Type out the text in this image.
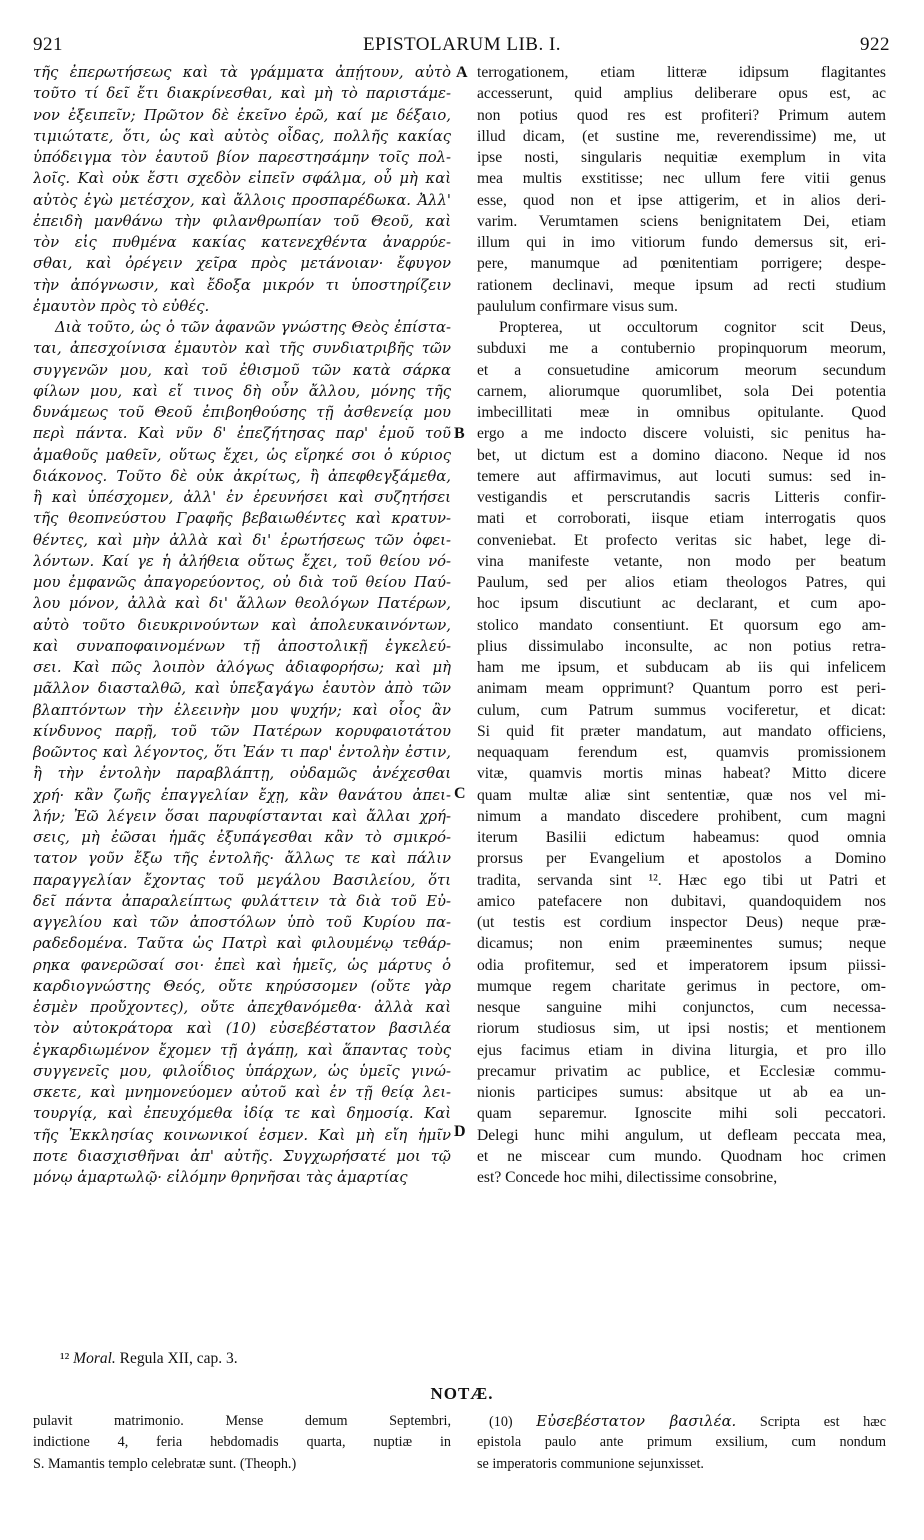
921	EPISTOLARUM LIB. I.	922
τῆς ἐπερωτήσεως καὶ τὰ γράμματα ἀπῄτουν, αὐτὸ
τοῦτο τί δεῖ ἔτι διακρίνεσθαι, καὶ μὴ τὸ παριστάμε-
νον ἐξειπεῖν; Πρῶτον δὲ ἐκεῖνο ἐρῶ, καί με δέξαιο,
τιμιώτατε, ὅτι, ὡς καὶ αὐτὸς οἶδας, πολλῆς κακίας
ὑπόδειγμα τὸν ἑαυτοῦ βίον παρεστησάμην τοῖς πολ-
λοῖς. Καὶ οὐκ ἔστι σχεδὸν εἰπεῖν σφάλμα, οὗ μὴ καὶ
αὐτὸς ἐγὼ μετέσχον, καὶ ἄλλοις προσπαρέδωκα. Ἀλλ'
ἐπειδὴ μανθάνω τὴν φιλανθρωπίαν τοῦ Θεοῦ, καὶ
τὸν εἰς πυθμένα κακίας κατενεχθέντα ἀναρρύε-
σθαι, καὶ ὀρέγειν χεῖρα πρὸς μετάνοιαν· ἔφυγον
τὴν ἀπόγνωσιν, καὶ ἔδοξα μικρόν τι ὑποστηρίζειν
ἐμαυτὸν πρὸς τὸ εὐθές.
Διὰ τοῦτο, ὡς ὁ τῶν ἀφανῶν γνώστης Θεὸς ἐπίστα-
ται, ἀπεσχοίνισα ἐμαυτὸν καὶ τῆς συνδιατριβῆς τῶν
συγγενῶν μου, καὶ τοῦ ἐθισμοῦ τῶν κατὰ σάρκα
φίλων μου, καὶ εἴ τινος δὴ οὖν ἄλλου, μόνης τῆς
δυνάμεως τοῦ Θεοῦ ἐπιβοηθούσης τῇ ἀσθενείᾳ μου
περὶ πάντα. Καὶ νῦν δ' ἐπεζήτησας παρ' ἐμοῦ τοῦ
ἀμαθοῦς μαθεῖν, οὕτως ἔχει, ὡς εἴρηκέ σοι ὁ κύριος
διάκονος. Τοῦτο δὲ οὐκ ἀκρίτως, ἢ ἀπεφθεγξάμεθα,
ἢ καὶ ὑπέσχομεν, ἀλλ' ἐν ἐρευνήσει καὶ συζητήσει
τῆς θεοπνεύστου Γραφῆς βεβαιωθέντες καὶ κρατυν-
θέντες, καὶ μὴν ἀλλὰ καὶ δι' ἐρωτήσεως τῶν ὀφει-
λόντων. Καί γε ἡ ἀλήθεια οὕτως ἔχει, τοῦ θείου νό-
μου ἐμφανῶς ἀπαγορεύοντος, οὐ διὰ τοῦ θείου Παύ-
λου μόνον, ἀλλὰ καὶ δι' ἄλλων θεολόγων Πατέρων,
αὐτὸ τοῦτο διευκρινούντων καὶ ἀπολευκαινόντων,
καὶ συναποφαινομένων τῇ ἀποστολικῇ ἐγκελεύ-
σει. Καὶ πῶς λοιπὸν ἀλόγως ἀδιαφορήσω; καὶ μὴ
μᾶλλον διασταλθῶ, καὶ ὑπεξαγάγω ἑαυτὸν ἀπὸ τῶν
βλαπτόντων τὴν ἐλεεινὴν μου ψυχήν; καὶ οἷος ἂν
κίνδυνος παρῇ, τοῦ τῶν Πατέρων κορυφαιοτάτου
βοῶντος καὶ λέγοντος, ὅτι Ἐάν τι παρ' ἐντολὴν ἐστιν,
ἢ τὴν ἐντολὴν παραβλάπτῃ, οὐδαμῶς ἀνέχεσθαι
χρή· κἂν ζωῆς ἐπαγγελίαν ἔχῃ, κἂν θανάτου ἀπει-
λήν; Ἐῶ λέγειν ὅσαι παρυφίστανται καὶ ἄλλαι χρή-
σεις, μὴ ἐῶσαι ἡμᾶς ἐξυπάγεσθαι κἂν τὸ σμικρό-
τατον γοῦν ἔξω τῆς ἐντολῆς· ἄλλως τε καὶ πάλιν
παραγγελίαν ἔχοντας τοῦ μεγάλου Βασιλείου, ὅτι
δεῖ πάντα ἀπαραλείπτως φυλάττειν τὰ διὰ τοῦ Εὐ-
αγγελίου καὶ τῶν ἀποστόλων ὑπὸ τοῦ Κυρίου πα-
ραδεδομένα. Ταῦτα ὡς Πατρὶ καὶ φιλουμένῳ τεθάρ-
ρηκα φανερῶσαί σοι· ἐπεὶ καὶ ἡμεῖς, ὡς μάρτυς ὁ
καρδιογνώστης Θεός, οὔτε κηρύσσομεν (οὔτε γὰρ
ἐσμὲν προὔχοντες), οὔτε ἀπεχθανόμεθα· ἀλλὰ καὶ
τὸν αὐτοκράτορα καὶ (10) εὐσεβέστατον βασιλέα
ἐγκαρδιωμένον ἔχομεν τῇ ἀγάπῃ, καὶ ἅπαντας τοὺς
συγγενεῖς μου, φιλοΐδιος ὑπάρχων, ὡς ὑμεῖς γινώ-
σκετε, καὶ μνημονεύομεν αὐτοῦ καὶ ἐν τῇ θείᾳ λει-
τουργίᾳ, καὶ ἐπευχόμεθα ἰδίᾳ τε καὶ δημοσίᾳ. Καὶ
τῆς Ἐκκλησίας κοινωνικοί ἐσμεν. Καὶ μὴ εἴη ἡμῖν
ποτε διασχισθῆναι ἀπ' αὐτῆς. Συγχωρήσατέ μοι τῷ
μόνῳ ἁμαρτωλῷ· εἱλόμην θρηνῆσαι τὰς ἁμαρτίας
terrogationem, etiam litteræ idipsum flagitantes
accesserunt, quid amplius deliberare opus est, ac
non potius quod res est profiteri? Primum autem
illud dicam, (et sustine me, reverendissime) me, ut
ipse nosti, singularis nequitiæ exemplum in vita
mea multis exstitisse; nec ullum fere vitii genus
esse, quod non et ipse attigerim, et in alios deri-
varim. Verumtamen sciens benignitatem Dei, etiam
illum qui in imo vitiorum fundo demersus sit, eri-
pere, manumque ad pœnitentiam porrigere; despe-
rationem declinavi, meque ipsum ad recti studium
paululum confirmare visus sum.
Propterea, ut occultorum cognitor scit Deus,
subduxi me a contubernio propinquorum meorum,
et a consuetudine amicorum meorum secundum
carnem, aliorumque quorumlibet, sola Dei potentia
imbecillitati meæ in omnibus opitulante. Quod
ergo a me indocto discere voluisti, sic penitus ha-
bet, ut dictum est a domino diacono. Neque id nos
temere aut affirmavimus, aut locuti sumus: sed in-
vestigandis et perscrutandis sacris Litteris confir-
mati et corroborati, iisque etiam interrogatis quos
conveniebat. Et profecto veritas sic habet, lege di-
vina manifeste vetante, non modo per beatum
Paulum, sed per alios etiam theologos Patres, qui
hoc ipsum discutiunt ac declarant, et cum apo-
stolico mandato consentiunt. Et quorsum ego am-
plius dissimulabo inconsulte, ac non potius retra-
ham me ipsum, et subducam ab iis qui infelicem
animam meam opprimunt? Quantum porro est peri-
culum, cum Patrum summus vociferetur, et dicat:
Si quid fit præter mandatum, aut mandato officiens,
nequaquam ferendum est, quamvis promissionem
vitæ, quamvis mortis minas habeat? Mitto dicere
quam multæ aliæ sint sententiæ, quæ nos vel mi-
nimum a mandato discedere prohibent, cum magni
iterum Basilii edictum habeamus: quod omnia
prorsus per Evangelium et apostolos a Domino
tradita, servanda sint ¹². Hæc ego tibi ut Patri et
amico patefacere non dubitavi, quandoquidem nos
(ut testis est cordium inspector Deus) neque præ-
dicamus; non enim præeminentes sumus; neque
odia profitemur, sed et imperatorem ipsum piissi-
mumque regem charitate gerimus in pectore, om-
nesque sanguine mihi conjunctos, cum necessa-
riorum studiosus sim, ut ipsi nostis; et mentionem
ejus facimus etiam in divina liturgia, et pro illo
precamur privatim ac publice, et Ecclesiæ commu-
nionis participes sumus: absitque ut ab ea un-
quam separemur. Ignoscite mihi soli peccatori.
Delegi hunc mihi angulum, ut defleam peccata mea,
et ne miscear cum mundo. Quodnam hoc crimen
est? Concede hoc mihi, dilectissime consobrine,
A
B
C
D
¹² Moral. Regula XII, cap. 3.
NOTÆ.
pulavit matrimonio. Mense demum Septembri,
indictione 4, feria hebdomadis quarta, nuptiæ in
S. Mamantis templo celebratæ sunt. (Theoph.)
(10) Εὐσεβέστατον βασιλέα. Scripta est hæc
epistola paulo ante primum exsilium, cum nondum
se imperatoris communione sejunxisset.
